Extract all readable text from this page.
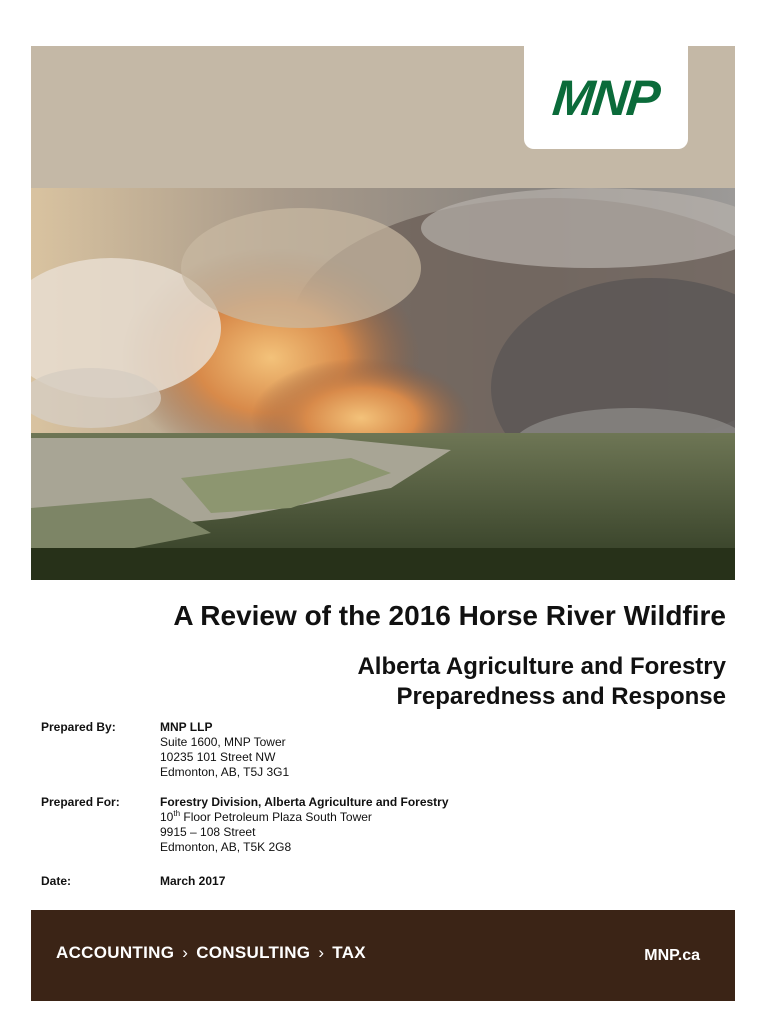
MNP
A Review of the 2016 Horse River Wildfire
Alberta Agriculture and Forestry
Preparedness and Response
Prepared By:	MNP LLP
Suite 1600, MNP Tower
10235 101 Street NW
Edmonton, AB, T5J 3G1
Prepared For:	Forestry Division, Alberta Agriculture and Forestry
10th Floor Petroleum Plaza South Tower
9915 – 108 Street
Edmonton, AB, T5K 2G8
Date:	March 2017
ACCOUNTING › CONSULTING › TAX	MNP.ca
